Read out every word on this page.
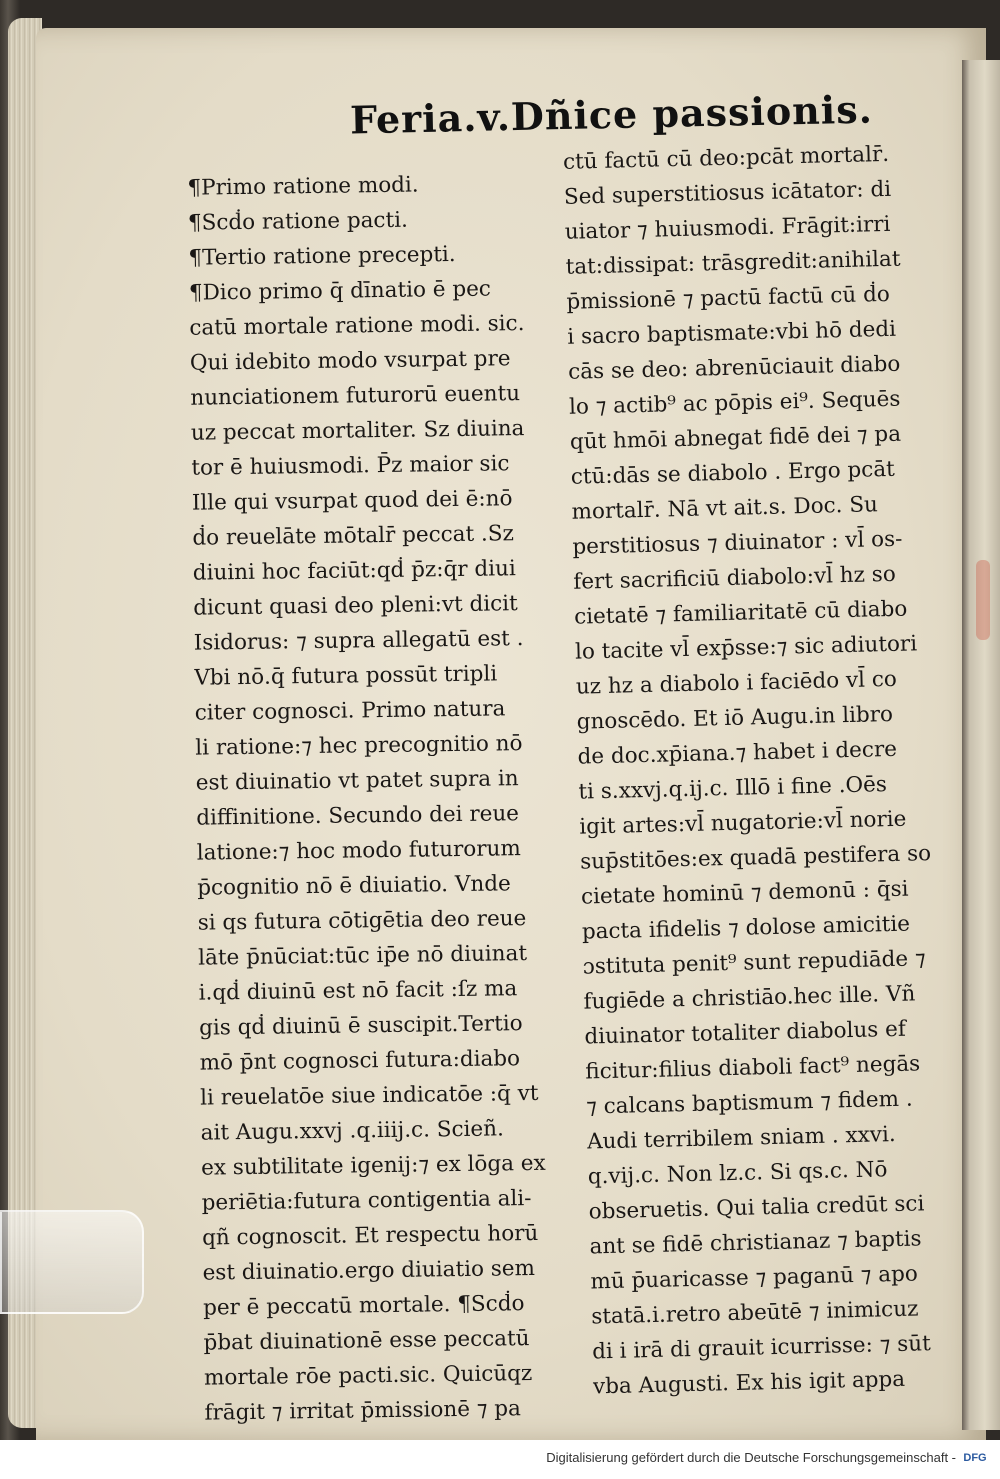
Feria.v.Dñice passionis.
¶Primo ratione modi.
¶Scḋo ratione pacti.
¶Tertio ratione precepti.
¶Dico primo q̄ dīnatio ē pec
catū mortale ratione modi. sic.
Qui idebito modo vsurpat pre
nunciationem futurorū euentu
uz peccat mortaliter. Sz diuina
tor ē huiusmodi. P̄z maior sic
Ille qui vsurpat quod dei ē:nō
ḋo reuelāte mōtalr̄ peccat .Sz
diuini hoc faciūt:qḋ p̄z:q̄r diui
dicunt quasi deo pleni:vt dicit
Isidorus: ⁊ supra allegatū est .
Vbi nō.q̄ futura possūt tripli
citer cognosci. Primo natura
li ratione:⁊ hec precognitio nō
est diuinatio vt patet supra in
diffinitione. Secundo dei reue
latione:⁊ hoc modo futurorum
p̄cognitio nō ē diuiatio. Vnde
si qs futura cōtigētia deo reue
lāte p̄nūciat:tūc ip̄e nō diuinat
i.qḋ diuinū est nō facit :ſz ma
gis qḋ diuinū ē suscipit.Tertio
mō p̄nt cognosci futura:diabo
li reuelatōe siue indicatōe :q̄ vt
ait Augu.xxvj .q.iiij.c. Scieñ.
ex subtilitate igenij:⁊ ex lōga ex
periētia:futura contigentia ali-
qñ cognoscit. Et respectu horū
est diuinatio.ergo diuiatio sem
per ē peccatū mortale. ¶Scḋo
p̄bat diuinationē esse peccatū
mortale rōe pacti.sic. Quicūqz
frāgit ⁊ irritat p̄missionē ⁊ pa
ctū factū cū deo:pcāt mortalr̄.
Sed superstitiosus icātator: di
uiator ⁊ huiusmodi. Frāgit:irri
tat:dissipat: trāsgredit:anihilat
p̄missionē ⁊ pactū factū cū ḋo
i sacro baptismate:vbi hō dedi
cās se deo: abrenūciauit diabo
lo ⁊ actib⁹ ac pōpis ei⁹. Sequēs
qūt hmōi abnegat fidē dei ⁊ pa
ctū:dās se diabolo . Ergo pcāt
mortalr̄. Nā vt ait.s. Doc. Su
perstitiosus ⁊ diuinator : vl̄ os-
fert sacrificiū diabolo:vl̄ hz so
cietatē ⁊ familiaritatē cū diabo
lo tacite vl̄ exp̄sse:⁊ sic adiutori
uz hz a diabolo i faciēdo vl̄ co
gnoscēdo. Et iō Augu.in libro
de doc.xp̄iana.⁊ habet i decre
ti s.xxvj.q.ij.c. Illō i fine .Oēs
igit artes:vl̄ nugatorie:vl̄ norie
sup̄stitōes:ex quadā pestifera so
cietate hominū ⁊ demonū : q̄si
pacta ifidelis ⁊ dolose amicitie
ɔstituta penit⁹ sunt repudiāde ⁊
fugiēde a christiāo.hec ille. Vñ
diuinator totaliter diabolus ef
ficitur:filius diaboli fact⁹ negās
⁊ calcans baptismum ⁊ fidem .
Audi terribilem sniam . xxvi.
q.vij.c. Non lz.c. Si qs.c. Nō
obseruetis. Qui talia credūt sci
ant se fidē christianaz ⁊ baptis
mū p̄uaricasse ⁊ paganū ⁊ apo
statā.i.retro abeūtē ⁊ inimicuz
di i irā di grauit icurrisse: ⁊ sūt
vba Augusti. Ex his igit appa
Digitalisierung gefördert durch die Deutsche Forschungsgemeinschaft - DFG
